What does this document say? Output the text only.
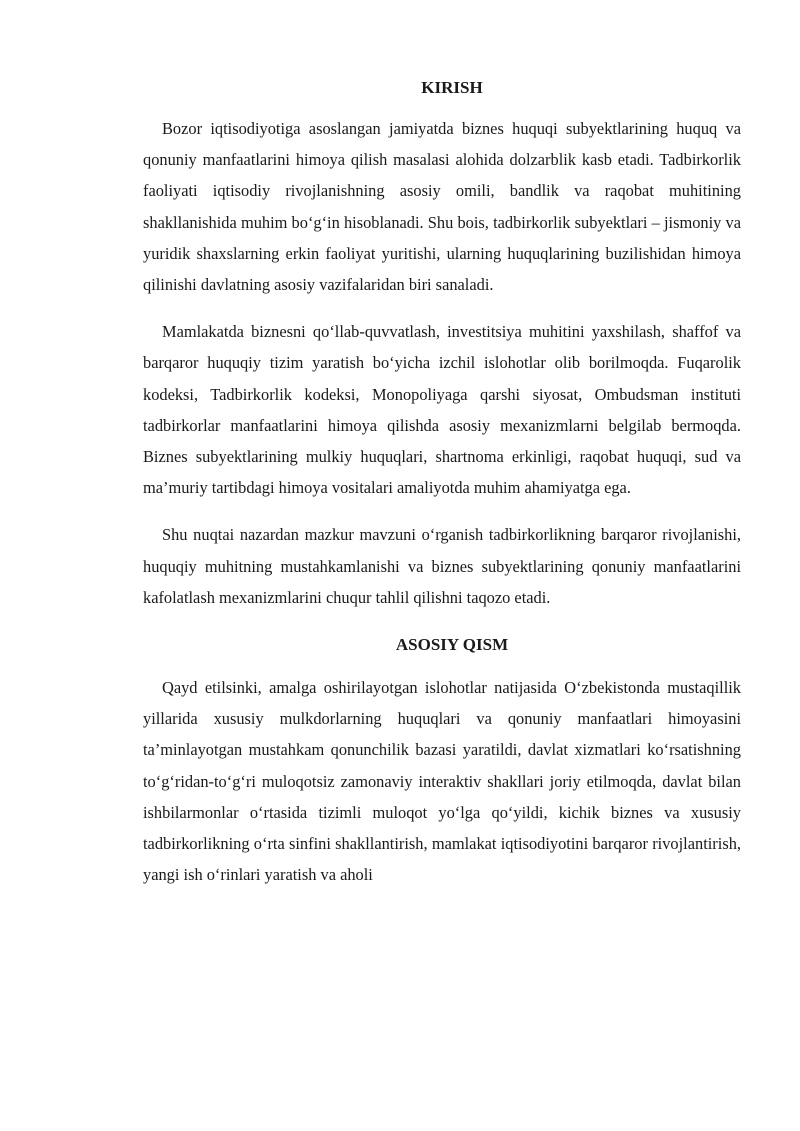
KIRISH

Bozor iqtisodiyotiga asoslangan jamiyatda biznes huquqi subyektlarining huquq va qonuniy manfaatlarini himoya qilish masalasi alohida dolzarblik kasb etadi. Tadbirkorlik faoliyati iqtisodiy rivojlanishning asosiy omili, bandlik va raqobat muhitining shakllanishida muhim bo‘g‘in hisoblanadi. Shu bois, tadbirkorlik subyektlari – jismoniy va yuridik shaxslarning erkin faoliyat yuritishi, ularning huquqlarining buzilishidan himoya qilinishi davlatning asosiy vazifalaridan biri sanaladi.

Mamlakatda biznesni qo‘llab-quvvatlash, investitsiya muhitini yaxshilash, shaffof va barqaror huquqiy tizim yaratish bo‘yicha izchil islohotlar olib borilmoqda. Fuqarolik kodeksi, Tadbirkorlik kodeksi, Monopoliyaga qarshi siyosat, Ombudsman instituti tadbirkorlar manfaatlarini himoya qilishda asosiy mexanizmlarni belgilab bermoqda. Biznes subyektlarining mulkiy huquqlari, shartnoma erkinligi, raqobat huquqi, sud va ma’muriy tartibdagi himoya vositalari amaliyotda muhim ahamiyatga ega.

Shu nuqtai nazardan mazkur mavzuni o‘rganish tadbirkorlikning barqaror rivojlanishi, huquqiy muhitning mustahkamlanishi va biznes subyektlarining qonuniy manfaatlarini kafolatlash mexanizmlarini chuqur tahlil qilishni taqozo etadi.

ASOSIY QISM

Qayd etilsinki, amalga oshirilayotgan islohotlar natijasida O‘zbekistonda mustaqillik yillarida xususiy mulkdorlarning huquqlari va qonuniy manfaatlari himoyasini ta’minlayotgan mustahkam qonunchilik bazasi yaratildi, davlat xizmatlari ko‘rsatishning to‘g‘ridan-to‘g‘ri muloqotsiz zamonaviy interaktiv shakllari joriy etilmoqda, davlat bilan ishbilarmonlar o‘rtasida tizimli muloqot yo‘lga qo‘yildi, kichik biznes va xususiy tadbirkorlikning o‘rta sinfini shakllantirish, mamlakat iqtisodiyotini barqaror rivojlantirish, yangi ish o‘rinlari yaratish va aholi
